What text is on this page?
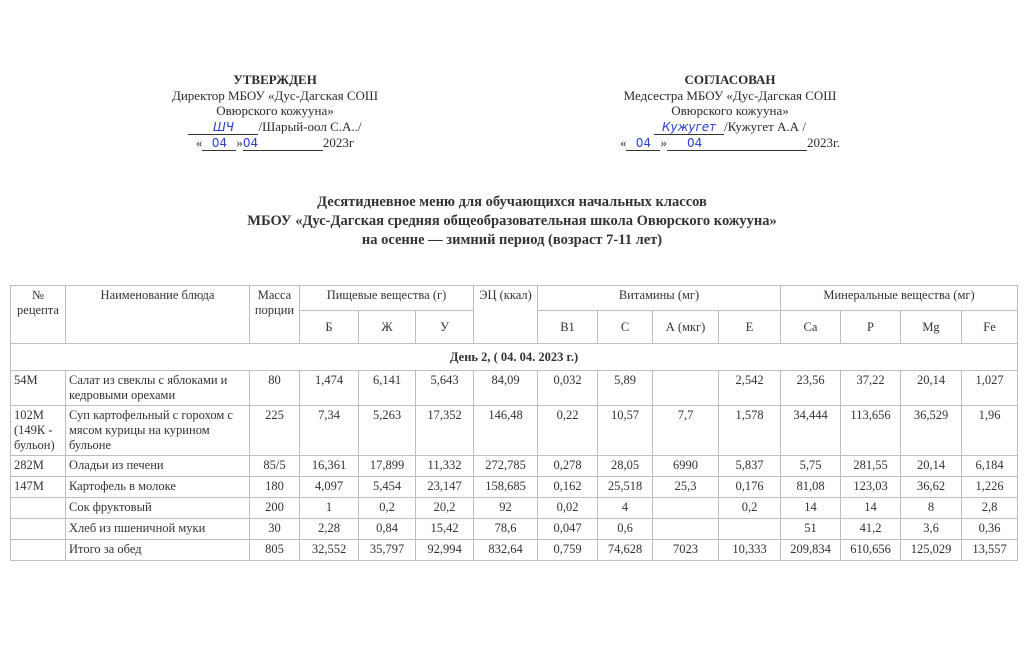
УТВЕРЖДЕН
Директор МБОУ «Дус-Дагская СОШ
Овюрского кожууна»
ШЧ /Шарый-оол С.А../
« 04 »04	2023г
СОГЛАСОВАН
Медсестра МБОУ «Дус-Дагская СОШ
Овюрского кожууна»
Кужугет /Кужугет А.А /
« 04 » 04	2023г.
Десятидневное меню для обучающихся начальных классов
МБОУ «Дус-Дагская средняя общеобразовательная школа Овюрского кожууна»
на осенне — зимний период (возраст 7-11 лет)
№ рецепта	Наименование блюда	Масса порции	Пищевые вещества (г)			ЭЦ (ккал)	Витамины (мг)				Минеральные вещества (мг)			
			Б	Ж	У		B1	C	А (мкг)	E	Ca	P	Mg	Fe
День 2, ( 04. 04. 2023 г.)														
54М	Салат из свеклы с яблоками и кедровыми орехами	80	1,474	6,141	5,643	84,09	0,032	5,89		2,542	23,56	37,22	20,14	1,027
102М (149К - бульон)	Суп картофельный с горохом с мясом курицы на курином бульоне	225	7,34	5,263	17,352	146,48	0,22	10,57	7,7	1,578	34,444	113,656	36,529	1,96
282М	Оладьи из печени	85/5	16,361	17,899	11,332	272,785	0,278	28,05	6990	5,837	5,75	281,55	20,14	6,184
147М	Картофель в молоке	180	4,097	5,454	23,147	158,685	0,162	25,518	25,3	0,176	81,08	123,03	36,62	1,226
	Сок фруктовый	200	1	0,2	20,2	92	0,02	4		0,2	14	14	8	2,8
	Хлеб из пшеничной муки	30	2,28	0,84	15,42	78,6	0,047	0,6			51	41,2	3,6	0,36
	Итого за обед	805	32,552	35,797	92,994	832,64	0,759	74,628	7023	10,333	209,834	610,656	125,029	13,557
